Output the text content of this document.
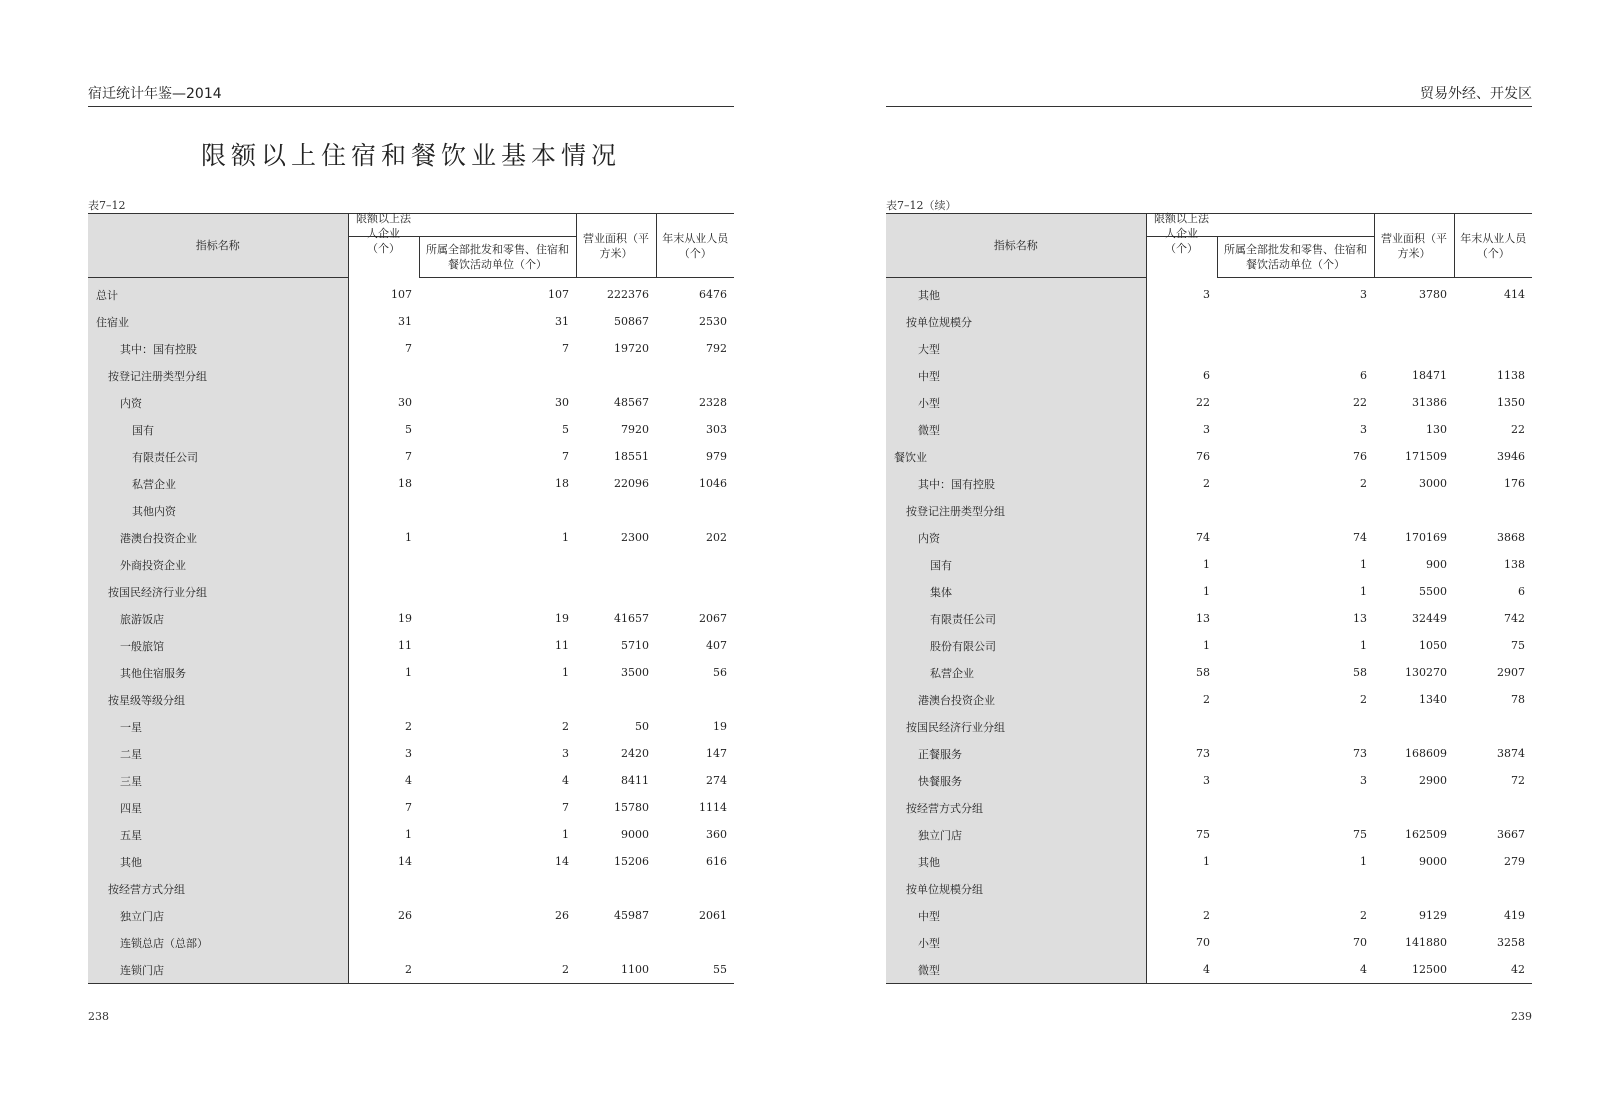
宿迁统计年鉴—2014
限额以上住宿和餐饮业基本情况
表7–12
指标名称			营业面积（平方米）	年末从业人员（个）

	限额以上法人企业（个）	所属全部批发和零售、住宿和餐饮活动单位（个）		
总计	107	107	222376	6476
住宿业	31	31	50867	2530
其中：国有控股	7	7	19720	792
按登记注册类型分组				
内资	30	30	48567	2328
国有	5	5	7920	303
有限责任公司	7	7	18551	979
私营企业	18	18	22096	1046
其他内资				
港澳台投资企业	1	1	2300	202
外商投资企业				
按国民经济行业分组				
旅游饭店	19	19	41657	2067
一般旅馆	11	11	5710	407
其他住宿服务	1	1	3500	56
按星级等级分组				
一星	2	2	50	19
二星	3	3	2420	147
三星	4	4	8411	274
四星	7	7	15780	1114
五星	1	1	9000	360
其他	14	14	15206	616
按经营方式分组				
独立门店	26	26	45987	2061
连锁总店（总部）				
连锁门店	2	2	1100	55
238
贸易外经、开发区
表7–12（续）
指标名称			营业面积（平方米）	年末从业人员（个）

	限额以上法人企业（个）	所属全部批发和零售、住宿和餐饮活动单位（个）		
其他	3	3	3780	414
按单位规模分				
大型				
中型	6	6	18471	1138
小型	22	22	31386	1350
微型	3	3	130	22
餐饮业	76	76	171509	3946
其中：国有控股	2	2	3000	176
按登记注册类型分组				
内资	74	74	170169	3868
国有	1	1	900	138
集体	1	1	5500	6
有限责任公司	13	13	32449	742
股份有限公司	1	1	1050	75
私营企业	58	58	130270	2907
港澳台投资企业	2	2	1340	78
按国民经济行业分组				
正餐服务	73	73	168609	3874
快餐服务	3	3	2900	72
按经营方式分组				
独立门店	75	75	162509	3667
其他	1	1	9000	279
按单位规模分组				
中型	2	2	9129	419
小型	70	70	141880	3258
微型	4	4	12500	42
239
